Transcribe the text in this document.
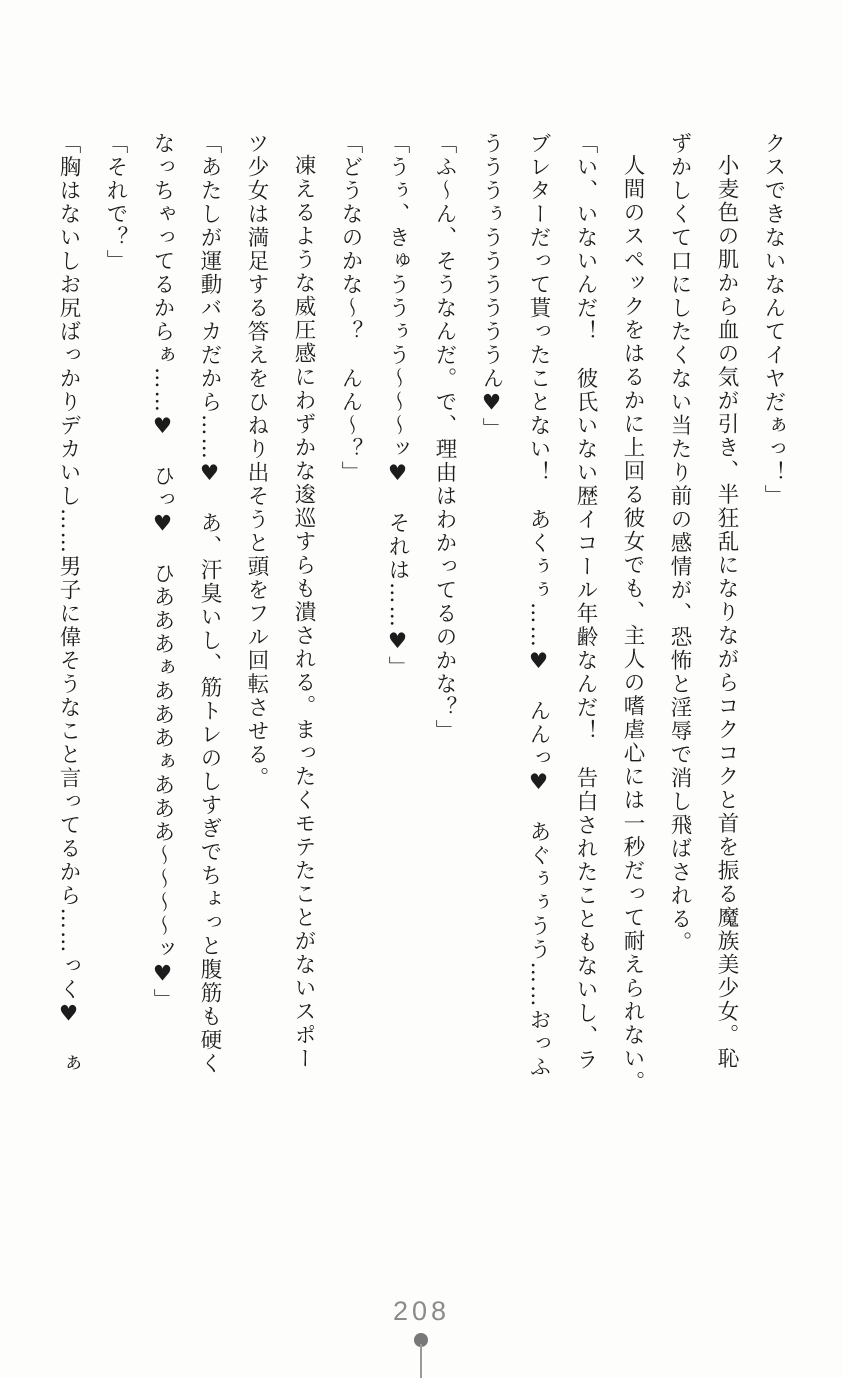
クスできないなんてイヤだぁっ！」

小麦色の肌から血の気が引き、半狂乱になりながらコクコクと首を振る魔族美少女。恥

ずかしくて口にしたくない当たり前の感情が、恐怖と淫辱で消し飛ばされる。

人間のスペックをはるかに上回る彼女でも、主人の嗜虐心には一秒だって耐えられない。

「い、いないんだ！　彼氏いない歴イコール年齢なんだ！　告白されたこともないし、ラ

ブレターだって貰ったことない！　あくぅぅ……♥　んんっ♥　あぐぅぅうう……おっふ

うううぅううううううん♥」

「ふ〜ん、そうなんだ。で、理由はわかってるのかな？」

「うぅ、きゅううぅう〜〜〜ッ♥　それは……♥」

「どうなのかな〜？　んん〜？」

凍えるような威圧感にわずかな逡巡すらも潰される。まったくモテたことがないスポー

ツ少女は満足する答えをひねり出そうと頭をフル回転させる。

「あたしが運動バカだから……♥　あ、汗臭いし、筋トレのしすぎでちょっと腹筋も硬く

なっちゃってるからぁ……♥　ひっ♥　ひあああぁあああぁあああ〜〜〜〜ッ♥」

「それで？」

「胸はないしお尻ばっかりデカいし……男子に偉そうなこと言ってるから……っく♥　ぁ

208
